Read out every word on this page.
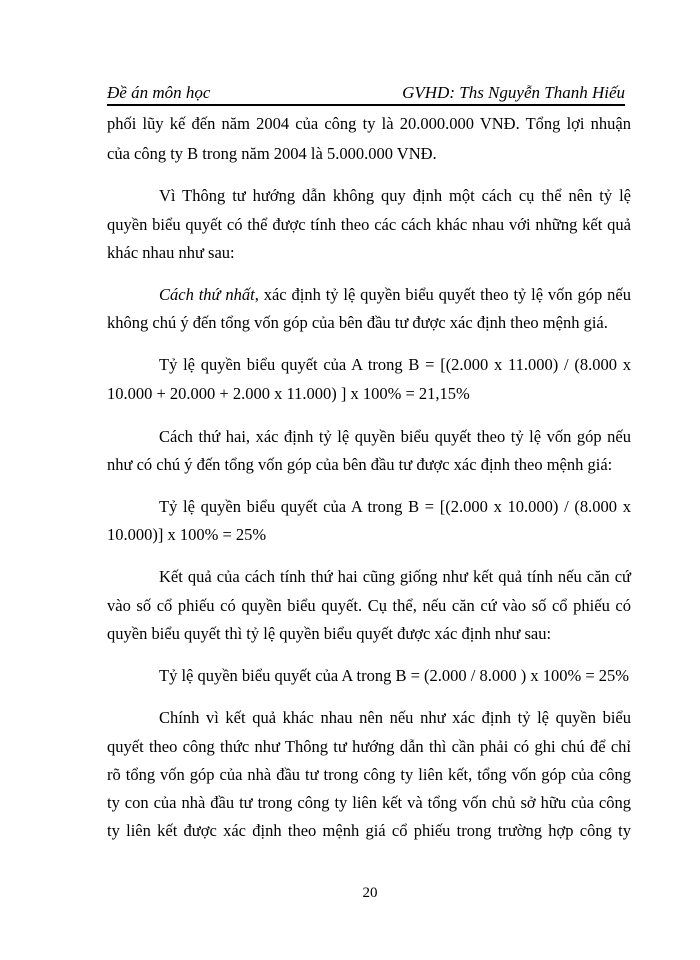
Đề án môn học	GVHD: Ths Nguyễn Thanh Hiếu
phối lũy kế đến năm 2004 của công ty là 20.000.000 VNĐ. Tổng lợi nhuận
của công ty B trong năm 2004 là 5.000.000 VNĐ.
Vì Thông tư hướng dẫn không quy định một cách cụ thể nên tỷ lệ
quyền biểu quyết có thể được tính theo các cách khác nhau với những kết quả
khác nhau như sau:
Cách thứ nhất, xác định tỷ lệ quyền biểu quyết theo tỷ lệ vốn góp nếu
không chú ý đến tổng vốn góp của bên đầu tư được xác định theo mệnh giá.
Tỷ lệ quyền biểu quyết của A trong B = [(2.000 x 11.000) / (8.000 x
10.000 + 20.000 + 2.000 x 11.000) ] x 100% = 21,15%
Cách thứ hai, xác định tỷ lệ quyền biểu quyết theo tỷ lệ vốn góp nếu
như có chú ý đến tổng vốn góp của bên đầu tư được xác định theo mệnh giá:
Tỷ lệ quyền biểu quyết của A trong B = [(2.000 x 10.000) / (8.000 x
10.000)] x 100% = 25%
Kết quả của cách tính thứ hai cũng giống như kết quả tính nếu căn cứ
vào số cổ phiếu có quyền biểu quyết. Cụ thể, nếu căn cứ vào số cổ phiếu có
quyền biểu quyết thì tỷ lệ quyền biểu quyết được xác định như sau:
Tỷ lệ quyền biểu quyết của A trong B = (2.000 / 8.000 ) x 100% = 25%
Chính vì kết quả khác nhau nên nếu như xác định tỷ lệ quyền biểu
quyết theo công thức như Thông tư hướng dẫn thì cần phải có ghi chú để chỉ
rõ tổng vốn góp của nhà đầu tư trong công ty liên kết, tổng vốn góp của công
ty con của nhà đầu tư trong công ty liên kết và tổng vốn chủ sở hữu của công
ty liên kết được xác định theo mệnh giá cổ phiếu trong trường hợp công ty
20
